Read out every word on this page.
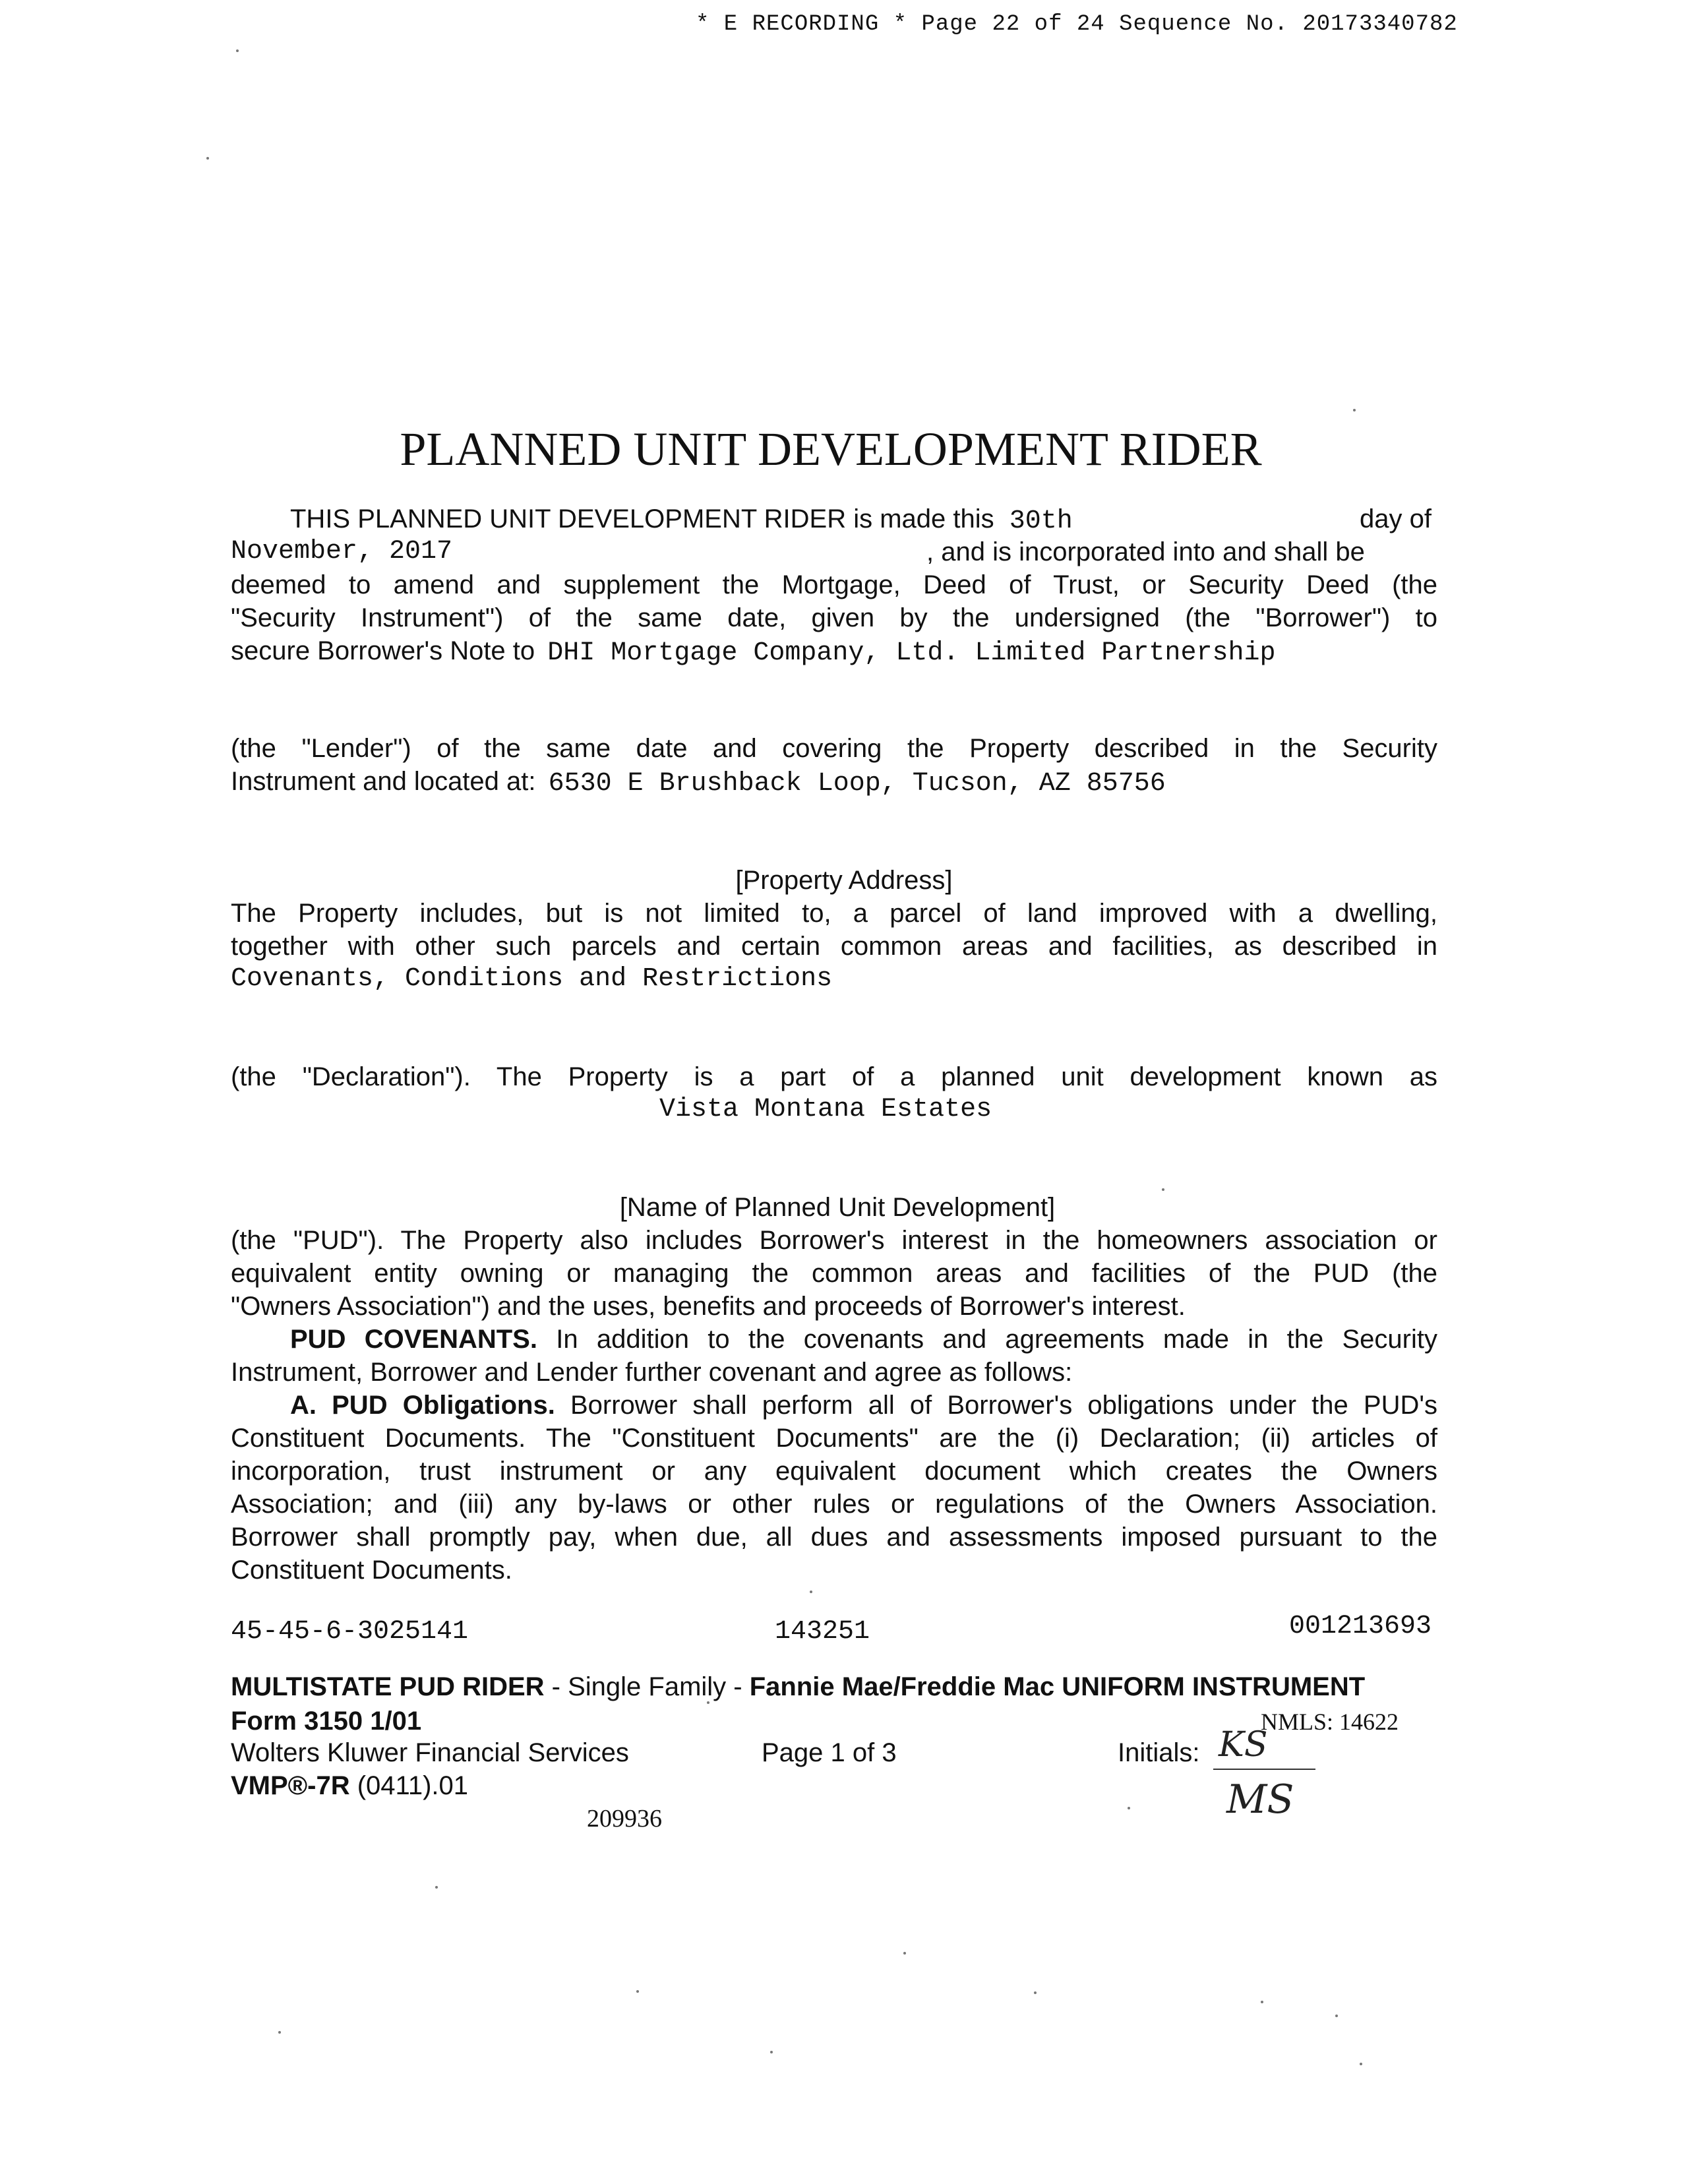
* E RECORDING * Page 22 of 24 Sequence No. 20173340782
PLANNED UNIT DEVELOPMENT RIDER
THIS PLANNED UNIT DEVELOPMENT RIDER is made this 30th	day of
November, 2017	, and is incorporated into and shall be
deemed to amend and supplement the Mortgage, Deed of Trust, or Security Deed (the
"Security Instrument") of the same date, given by the undersigned (the "Borrower") to
secure Borrower's Note to DHI Mortgage Company, Ltd. Limited Partnership
(the "Lender") of the same date and covering the Property described in the Security
Instrument and located at: 6530 E Brushback Loop, Tucson, AZ 85756
[Property Address]
The Property includes, but is not limited to, a parcel of land improved with a dwelling,
together with other such parcels and certain common areas and facilities, as described in
Covenants, Conditions and Restrictions
(the "Declaration"). The Property is a part of a planned unit development known as
Vista Montana Estates
[Name of Planned Unit Development]
(the "PUD"). The Property also includes Borrower's interest in the homeowners association or
equivalent entity owning or managing the common areas and facilities of the PUD (the
"Owners Association") and the uses, benefits and proceeds of Borrower's interest.
PUD COVENANTS. In addition to the covenants and agreements made in the Security
Instrument, Borrower and Lender further covenant and agree as follows:
A. PUD Obligations. Borrower shall perform all of Borrower's obligations under the PUD's
Constituent Documents. The "Constituent Documents" are the (i) Declaration; (ii) articles of
incorporation, trust instrument or any equivalent document which creates the Owners
Association; and (iii) any by-laws or other rules or regulations of the Owners Association.
Borrower shall promptly pay, when due, all dues and assessments imposed pursuant to the
Constituent Documents.
45-45-6-3025141	143251	001213693
MULTISTATE PUD RIDER - Single Family - Fannie Mae/Freddie Mac UNIFORM INSTRUMENT
Form 3150 1/01	NMLS: 14622
Wolters Kluwer Financial Services	Page 1 of 3	Initials: KS
VMP®-7R (0411).01	MS
209936
